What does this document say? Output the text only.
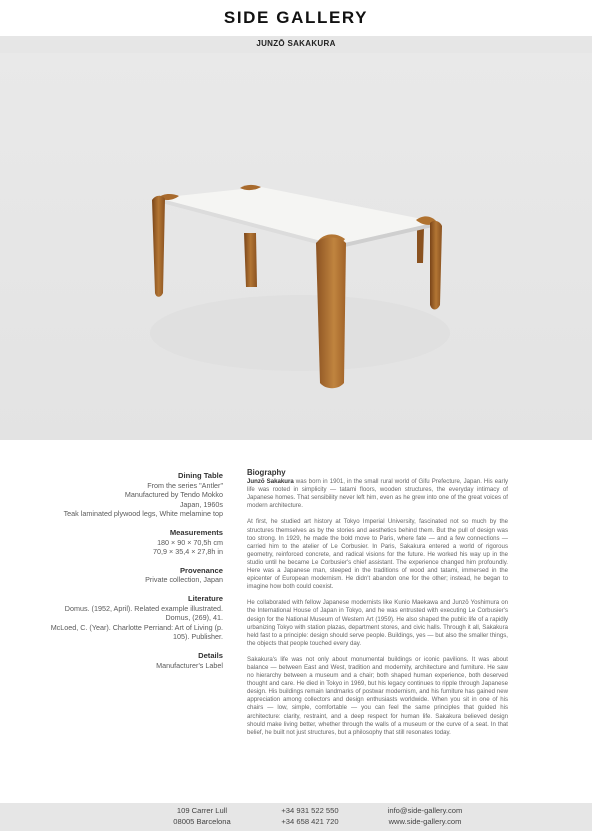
SIDE GALLERY
JUNZŌ SAKAKURA
Dining Table
From the series "Antler"
Manufactured by Tendo Mokko
Japan, 1960s
Teak laminated plywood legs, White melamine top
Measurements
180 × 90 × 70,5h cm
70,9 × 35,4 × 27,8h in
Provenance
Private collection, Japan
Literature
Domus. (1952, April). Related example illustrated.
Domus, (269), 41.
McLoed, C. (Year). Charlotte Perriand: Art of Living (p.
105). Publisher.
Details
Manufacturer's Label
Biography

Junzō Sakakura was born in 1901, in the small rural world of Gifu Prefecture, Japan. His early life was rooted in simplicity — tatami floors, wooden structures, the everyday intimacy of Japanese homes. That sensibility never left him, even as he grew into one of the great voices of modern architecture.

At first, he studied art history at Tokyo Imperial University, fascinated not so much by the structures themselves as by the stories and aesthetics behind them. But the pull of design was too strong. In 1929, he made the bold move to Paris, where fate — and a few connections — carried him to the atelier of Le Corbusier. In Paris, Sakakura entered a world of rigorous geometry, reinforced concrete, and radical visions for the future. He worked his way up in the studio until he became Le Corbusier's chief assistant. The experience changed him profoundly. Here was a Japanese man, steeped in the traditions of wood and tatami, immersed in the epicenter of European modernism. He didn't abandon one for the other; instead, he began to imagine how both could coexist.

He collaborated with fellow Japanese modernists like Kunio Maekawa and Junzō Yoshimura on the International House of Japan in Tokyo, and he was entrusted with executing Le Corbusier's design for the National Museum of Western Art (1959). He also shaped the public life of a rapidly urbanizing Tokyo with station plazas, department stores, and civic halls. Through it all, Sakakura held fast to a principle: design should serve people. Buildings, yes — but also the smaller things, the objects that people touched every day.

Sakakura's life was not only about monumental buildings or iconic pavilions. It was about balance — between East and West, tradition and modernity, architecture and furniture. He saw no hierarchy between a museum and a chair; both shaped human experience, both deserved thought and care. He died in Tokyo in 1969, but his legacy continues to ripple through Japanese design. His buildings remain landmarks of postwar modernism, and his furniture has gained new appreciation among collectors and design enthusiasts worldwide. When you sit in one of his chairs — low, simple, comfortable — you can feel the same principles that guided his architecture: clarity, restraint, and a deep respect for human life. Sakakura believed design should make living better, whether through the walls of a museum or the curve of a seat. In that belief, he built not just structures, but a philosophy that still resonates today.

109 Carrer Lull
08005 Barcelona
+34 931 522 550
+34 658 421 720
info@side-gallery.com
www.side-gallery.com
